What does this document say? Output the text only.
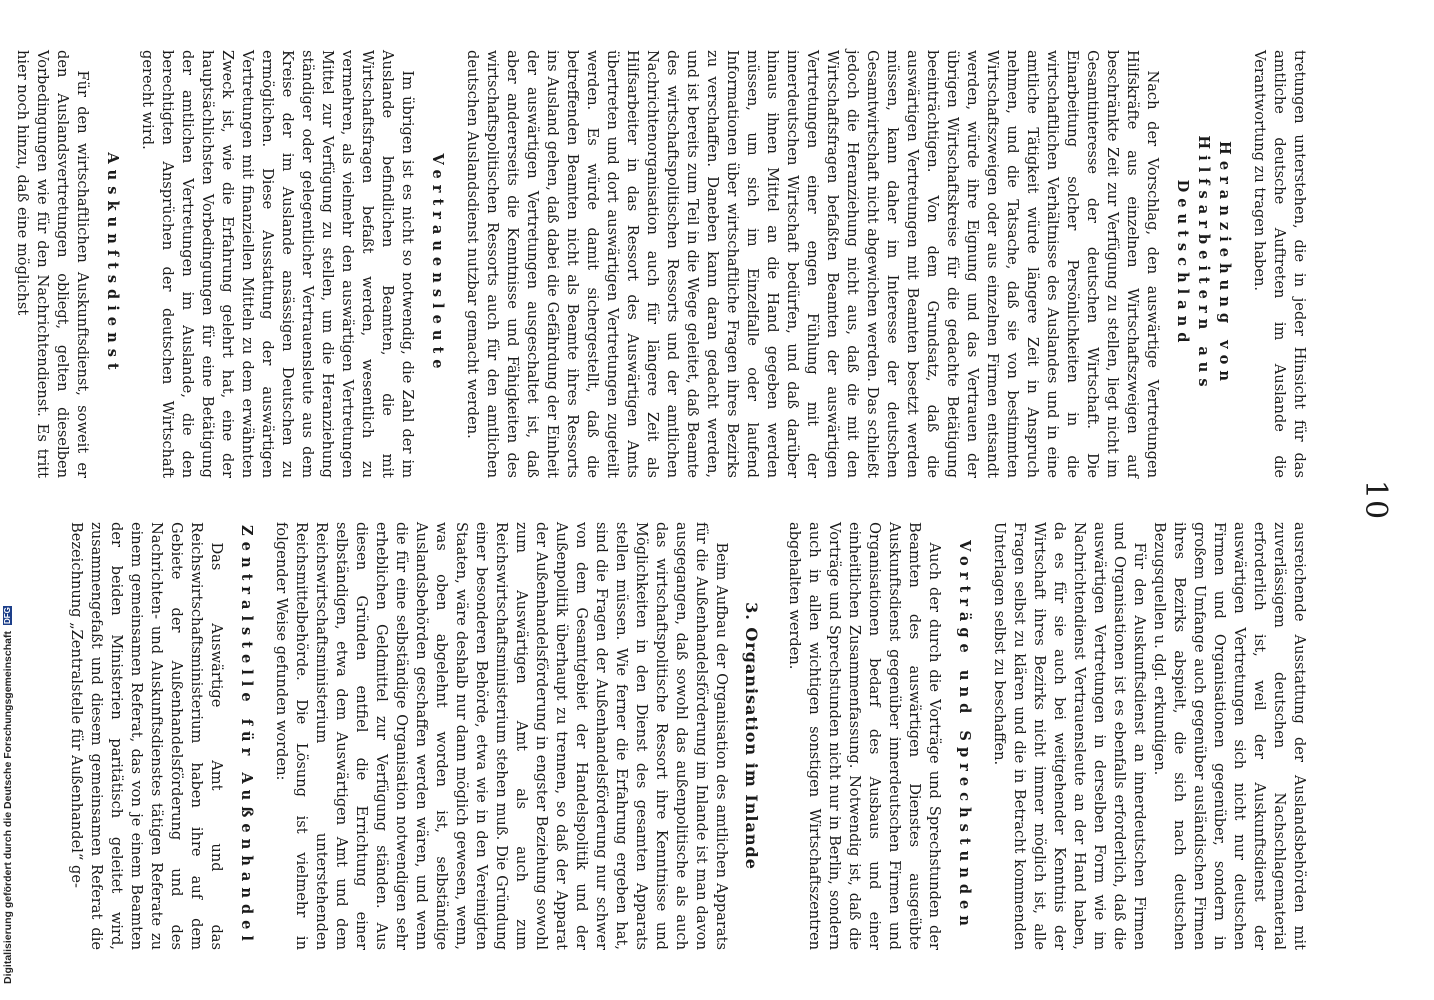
10

tretungen unterstehen, die in jeder Hinsicht für das amtliche deutsche Auftreten im Auslande die Verantwortung zu tragen haben.

Heranziehung von Hilfsarbeitern aus Deutschland

Nach der Vorschlag, den auswärtige Vertretungen Hilfskräfte aus einzelnen Wirtschaftszweigen auf beschränkte Zeit zur Verfügung zu stellen, liegt nicht im Gesamtinteresse der deutschen Wirtschaft. Die Einarbeitung solcher Persönlichkeiten in die wirtschaftlichen Verhältnisse des Auslandes und in eine amtliche Tätigkeit würde längere Zeit in Anspruch nehmen, und die Tatsache, daß sie von bestimmten Wirtschaftszweigen oder aus einzelnen Firmen entsandt werden, würde ihre Eignung und das Vertrauen der übrigen Wirtschaftskreise für die gedachte Betätigung beeinträchtigen. Von dem Grundsatz, daß die auswärtigen Vertretungen mit Beamten besetzt werden müssen, kann daher im Interesse der deutschen Gesamtwirtschaft nicht abgewichen werden. Das schließt jedoch die Heranziehung nicht aus, daß die mit den Wirtschaftsfragen befaßten Beamten der auswärtigen Vertretungen einer engen Fühlung mit der innerdeutschen Wirtschaft bedürfen, und daß darüber hinaus ihnen Mittel an die Hand gegeben werden müssen, um sich im Einzelfalle oder laufend Informationen über wirtschaftliche Fragen ihres Bezirks zu verschaffen. Daneben kann daran gedacht werden, und ist bereits zum Teil in die Wege geleitet, daß Beamte des wirtschaftspolitischen Ressorts und der amtlichen Nachrichtenorganisation auch für längere Zeit als Hilfsarbeiter in das Ressort des Auswärtigen Amts übertreten und dort auswärtigen Vertretungen zugeteilt werden. Es würde damit sichergestellt, daß die betreffenden Beamten nicht als Beamte ihres Ressorts ins Ausland gehen, daß dabei die Gefährdung der Einheit der auswärtigen Vertretungen ausgeschaltet ist, daß aber andererseits die Kenntnisse und Fähigkeiten des wirtschaftspolitischen Ressorts auch für den amtlichen deutschen Auslandsdienst nutzbar gemacht werden.

Vertrauensleute

Im übrigen ist es nicht so notwendig, die Zahl der im Auslande befindlichen Beamten, die mit Wirtschaftsfragen befaßt werden, wesentlich zu vermehren, als vielmehr den auswärtigen Vertretungen Mittel zur Verfügung zu stellen, um die Heranziehung ständiger oder gelegentlicher Vertrauensleute aus dem Kreise der im Auslande ansässigen Deutschen zu ermöglichen. Diese Ausstattung der auswärtigen Vertretungen mit finanziellen Mitteln zu dem erwähnten Zweck ist, wie die Erfahrung gelehrt hat, eine der hauptsächlichsten Vorbedingungen für eine Betätigung der amtlichen Vertretungen im Auslande, die den berechtigten Ansprüchen der deutschen Wirtschaft gerecht wird.

Auskunftsdienst

Für den wirtschaftlichen Auskunftsdienst, soweit er den Auslandsvertretungen obliegt, gelten dieselben Vorbedingungen wie für den Nachrichtendienst. Es tritt hier noch hinzu, daß eine möglichst

ausreichende Ausstattung der Auslandsbehörden mit zuverlässigem deutschen Nachschlagematerial erforderlich ist, weil der Auskunftsdienst der auswärtigen Vertretungen sich nicht nur deutschen Firmen und Organisationen gegenüber, sondern in großem Umfange auch gegenüber ausländischen Firmen ihres Bezirks abspielt, die sich nach deutschen Bezugsquellen u. dgl. erkundigen.

Für den Auskunftsdienst an innerdeutschen Firmen und Organisationen ist es ebenfalls erforderlich, daß die auswärtigen Vertretungen in derselben Form wie im Nachrichtendienst Vertrauensleute an der Hand haben, da es für sie auch bei weitgehender Kenntnis der Wirtschaft ihres Bezirks nicht immer möglich ist, alle Fragen selbst zu klären und die in Betracht kommenden Unterlagen selbst zu beschaffen.

Vorträge und Sprechstunden

Auch der durch die Vorträge und Sprechstunden der Beamten des auswärtigen Dienstes ausgeübte Auskunftsdienst gegenüber innerdeutschen Firmen und Organisationen bedarf des Ausbaus und einer einheitlichen Zusammenfassung. Notwendig ist, daß die Vorträge und Sprechstunden nicht nur in Berlin, sondern auch in allen wichtigen sonstigen Wirtschaftszentren abgehalten werden.

3. Organisation im Inlande

Beim Aufbau der Organisation des amtlichen Apparats für die Außenhandelsförderung im Inlande ist man davon ausgegangen, daß sowohl das außenpolitische als auch das wirtschaftspolitische Ressort ihre Kenntnisse und Möglichkeiten in den Dienst des gesamten Apparats stellen müssen. Wie ferner die Erfahrung ergeben hat, sind die Fragen der Außenhandelsförderung nur schwer von dem Gesamtgebiet der Handelspolitik und der Außenpolitik überhaupt zu trennen, so daß der Apparat der Außenhandelsförderung in engster Beziehung sowohl zum Auswärtigen Amt als auch zum Reichswirtschaftsministerium stehen muß. Die Gründung einer besonderen Behörde, etwa wie in den Vereinigten Staaten, wäre deshalb nur dann möglich gewesen, wenn, was oben abgelehnt worden ist, selbständige Auslandsbehörden geschaffen werden wären, und wenn die für eine selbständige Organisation notwendigen sehr erheblichen Geldmittel zur Verfügung ständen. Aus diesen Gründen entfiel die Errichtung einer selbständigen, etwa dem Auswärtigen Amt und dem Reichswirtschaftsministerium unterstehenden Reichsmittelbehörde. Die Lösung ist vielmehr in folgender Weise gefunden worden:

Zentralstelle für Außenhandel

Das Auswärtige Amt und das Reichswirtschaftsministerium haben ihre auf dem Gebiete der Außenhandelsförderung und des Nachrichten- und Auskunftsdienstes tätigen Referate zu einem gemeinsamen Referat, das von je einem Beamten der beiden Ministerien paritätisch geleitet wird, zusammengefaßt und diesem gemeinsamen Referat die Bezeichnung „Zentralstelle für Außenhandel“ ge-

Digitalisierung gefördert durch die Deutsche Forschungsgemeinschaft DFG
